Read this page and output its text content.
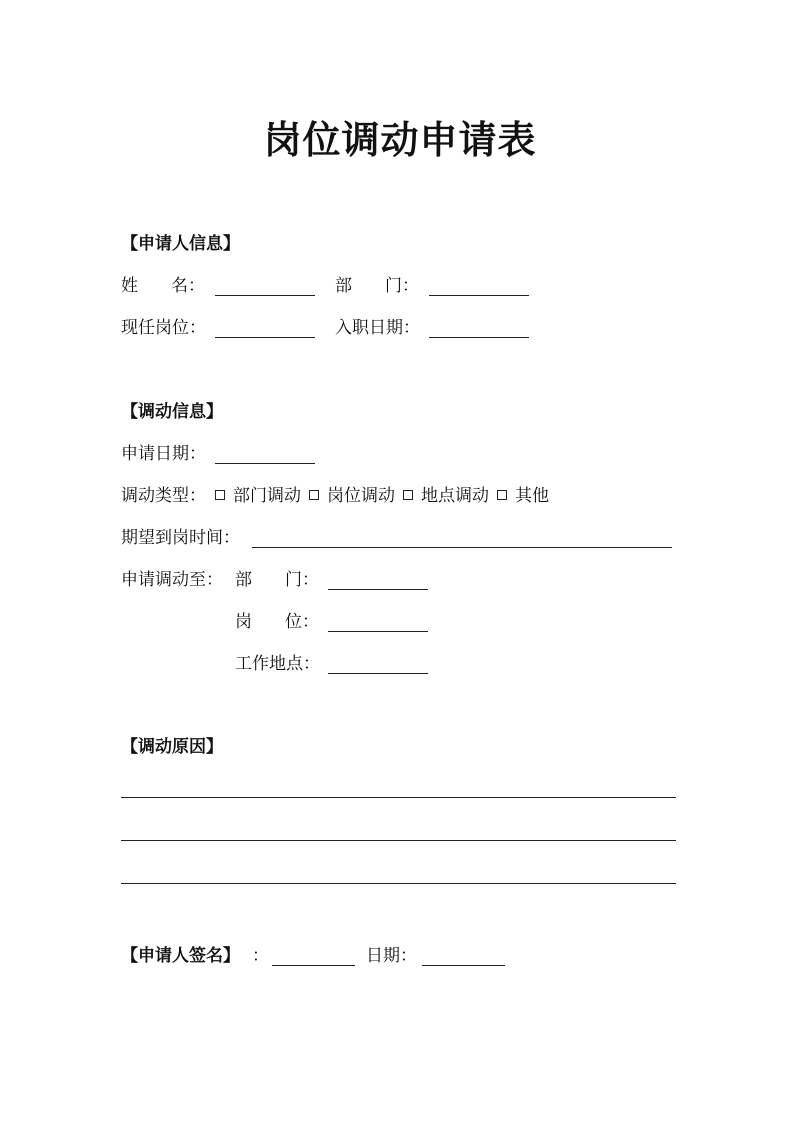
岗位调动申请表
【申请人信息】
姓 名：	部 门：
现任岗位：	入职日期：
【调动信息】
申请日期：
调动类型：	部门调动 岗位调动 地点调动 其他
期望到岗时间：
申请调动至： 部 门：
岗 位：
工作地点：
【调动原因】
【申请人签名】 ：	日期：
